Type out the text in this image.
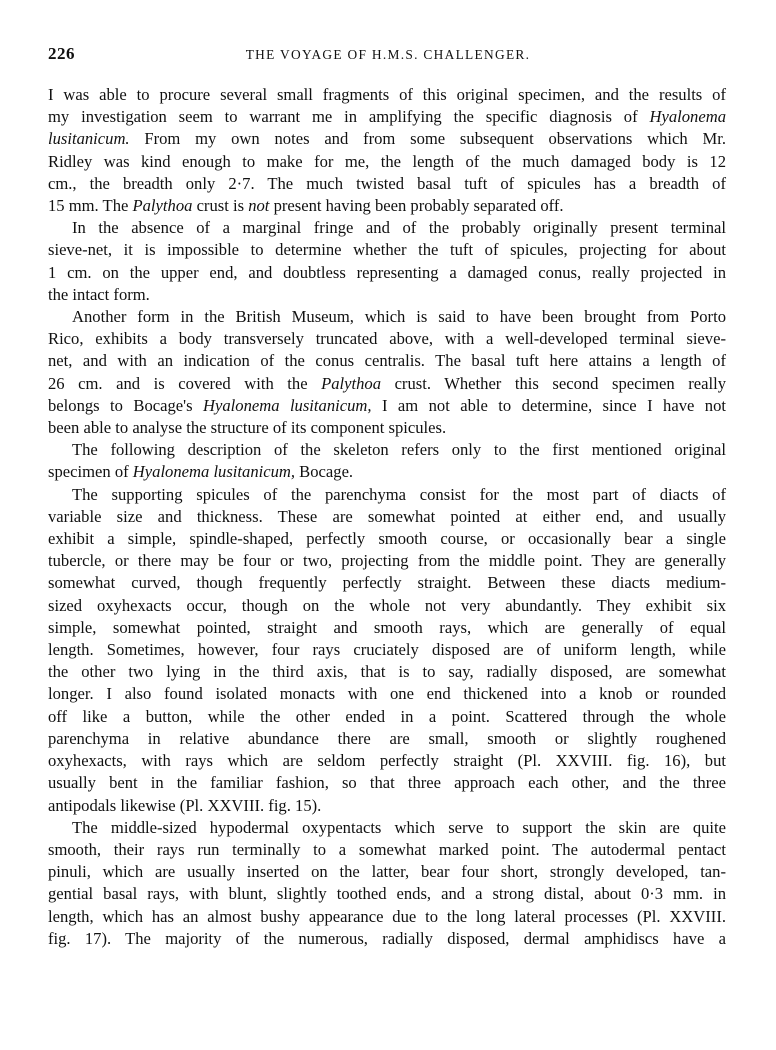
226	THE VOYAGE OF H.M.S. CHALLENGER.
I was able to procure several small fragments of this original specimen, and the results of
my investigation seem to warrant me in amplifying the specific diagnosis of Hyalonema
lusitanicum. From my own notes and from some subsequent observations which Mr.
Ridley was kind enough to make for me, the length of the much damaged body is 12
cm., the breadth only 2·7. The much twisted basal tuft of spicules has a breadth of
15 mm. The Palythoa crust is not present having been probably separated off.
In the absence of a marginal fringe and of the probably originally present terminal
sieve-net, it is impossible to determine whether the tuft of spicules, projecting for about
1 cm. on the upper end, and doubtless representing a damaged conus, really projected in
the intact form.
Another form in the British Museum, which is said to have been brought from Porto
Rico, exhibits a body transversely truncated above, with a well-developed terminal sieve-
net, and with an indication of the conus centralis. The basal tuft here attains a length of
26 cm. and is covered with the Palythoa crust. Whether this second specimen really
belongs to Bocage's Hyalonema lusitanicum, I am not able to determine, since I have not
been able to analyse the structure of its component spicules.
The following description of the skeleton refers only to the first mentioned original
specimen of Hyalonema lusitanicum, Bocage.
The supporting spicules of the parenchyma consist for the most part of diacts of
variable size and thickness. These are somewhat pointed at either end, and usually
exhibit a simple, spindle-shaped, perfectly smooth course, or occasionally bear a single
tubercle, or there may be four or two, projecting from the middle point. They are generally
somewhat curved, though frequently perfectly straight. Between these diacts medium-
sized oxyhexacts occur, though on the whole not very abundantly. They exhibit six
simple, somewhat pointed, straight and smooth rays, which are generally of equal
length. Sometimes, however, four rays cruciately disposed are of uniform length, while
the other two lying in the third axis, that is to say, radially disposed, are somewhat
longer. I also found isolated monacts with one end thickened into a knob or rounded
off like a button, while the other ended in a point. Scattered through the whole
parenchyma in relative abundance there are small, smooth or slightly roughened
oxyhexacts, with rays which are seldom perfectly straight (Pl. XXVIII. fig. 16), but
usually bent in the familiar fashion, so that three approach each other, and the three
antipodals likewise (Pl. XXVIII. fig. 15).
The middle-sized hypodermal oxypentacts which serve to support the skin are quite
smooth, their rays run terminally to a somewhat marked point. The autodermal pentact
pinuli, which are usually inserted on the latter, bear four short, strongly developed, tan-
gential basal rays, with blunt, slightly toothed ends, and a strong distal, about 0·3 mm. in
length, which has an almost bushy appearance due to the long lateral processes (Pl. XXVIII.
fig. 17). The majority of the numerous, radially disposed, dermal amphidiscs have a
